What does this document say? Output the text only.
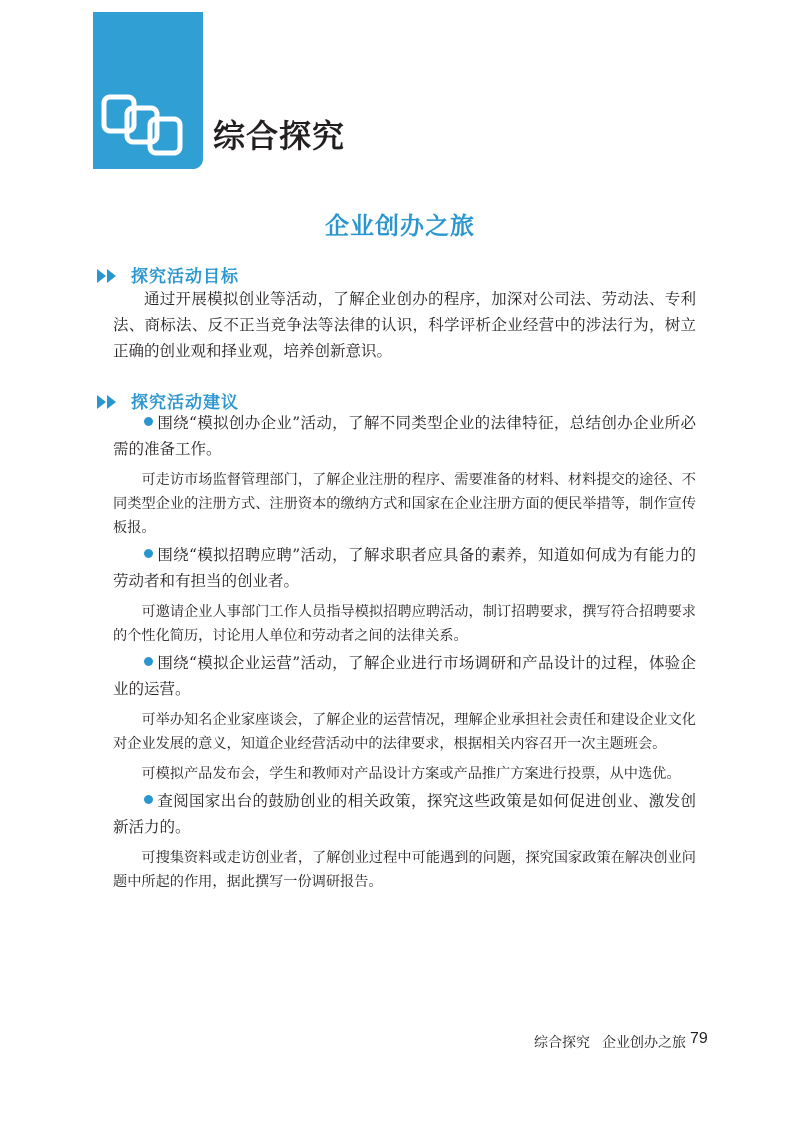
综合探究
企业创办之旅
探究活动目标

通过开展模拟创业等活动，了解企业创办的程序，加深对公司法、劳动法、专利法、商标法、反不正当竞争法等法律的认识，科学评析企业经营中的涉法行为，树立正确的创业观和择业观，培养创新意识。

探究活动建议

围绕“模拟创办企业”活动，了解不同类型企业的法律特征，总结创办企业所必需的准备工作。

可走访市场监督管理部门，了解企业注册的程序、需要准备的材料、材料提交的途径、不同类型企业的注册方式、注册资本的缴纳方式和国家在企业注册方面的便民举措等，制作宣传板报。

围绕“模拟招聘应聘”活动，了解求职者应具备的素养，知道如何成为有能力的劳动者和有担当的创业者。

可邀请企业人事部门工作人员指导模拟招聘应聘活动，制订招聘要求，撰写符合招聘要求的个性化简历，讨论用人单位和劳动者之间的法律关系。

围绕“模拟企业运营”活动，了解企业进行市场调研和产品设计的过程，体验企业的运营。

可举办知名企业家座谈会，了解企业的运营情况，理解企业承担社会责任和建设企业文化对企业发展的意义，知道企业经营活动中的法律要求，根据相关内容召开一次主题班会。

可模拟产品发布会，学生和教师对产品设计方案或产品推广方案进行投票，从中选优。

查阅国家出台的鼓励创业的相关政策，探究这些政策是如何促进创业、激发创新活力的。

可搜集资料或走访创业者，了解创业过程中可能遇到的问题，探究国家政策在解决创业问题中所起的作用，据此撰写一份调研报告。

综合探究 企业创办之旅 79
